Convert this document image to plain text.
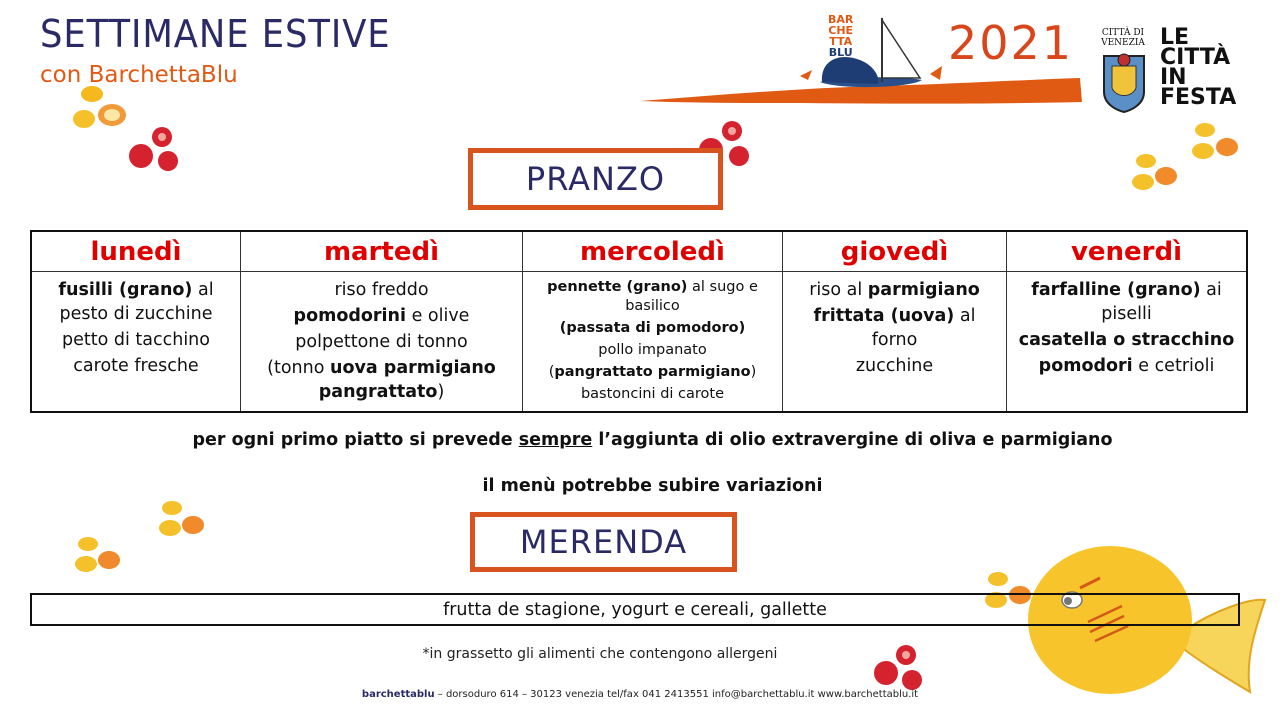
SETTIMANE ESTIVE
con BarchettaBlu
2021
BAR
CHE
TTA
BLU
CITTÀ DI
VENEZIA LE
CITTÀ
IN
FESTA
PRANZO
lunedì

fusilli (grano) al pesto di zucchine

petto di tacchino

carote fresche

martedì

riso freddo

pomodorini e olive

polpettone di tonno

(tonno uova parmigiano pangrattato)

mercoledì

pennette (grano) al sugo e basilico

(passata di pomodoro)

pollo impanato

(pangrattato parmigiano)

bastoncini di carote

giovedì

riso al parmigiano

frittata (uova) al forno

zucchine

venerdì

farfalline (grano) ai piselli

casatella o stracchino

pomodori e cetrioli

per ogni primo piatto si prevede sempre l’aggiunta di olio extravergine di oliva e parmigiano
il menù potrebbe subire variazioni
MERENDA
frutta de stagione, yogurt e cereali, gallette
*in grassetto gli alimenti che contengono allergeni
barchettablu – dorsoduro 614 – 30123 venezia tel/fax 041 2413551 info@barchettablu.it www.barchettablu.it
